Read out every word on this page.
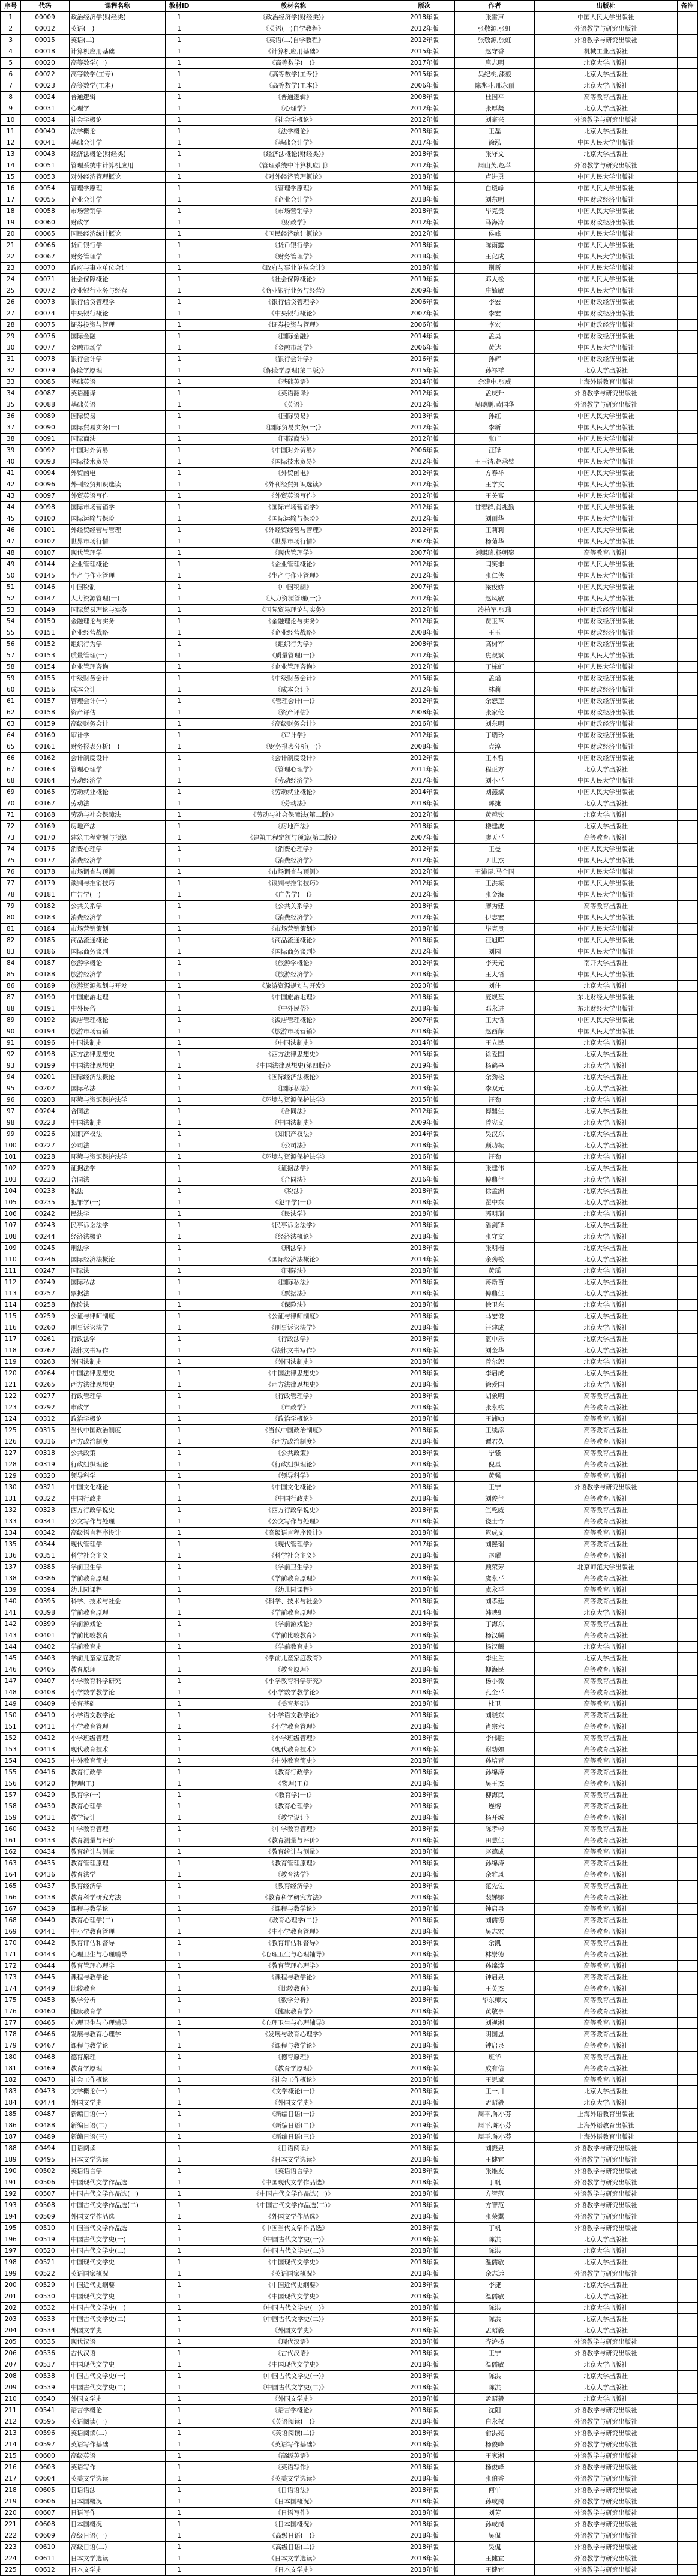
序号	代码	课程名称	教材ID	教材名称	版次	作者	出版社	备注
1	00009	政治经济学(财经类)	1	《政治经济学(财经类)》	2018年版	张雷声	中国人民大学出版社	
2	00012	英语(一)	1	《英语(一)自学教程》	2012年版	张敬源,张虹	外语教学与研究出版社	
3	00015	英语(二)	1	《英语(二)自学教程》	2012年版	张敬源,张虹	外语教学与研究出版社	
4	00018	计算机应用基础	1	《计算机应用基础》	2015年版	赵守香	机械工业出版社	
5	00020	高等数学(一)	1	《高等数学(一)》	2017年版	扈志明	北京大学出版社	
6	00022	高等数学(工专)	1	《高等数学(工专)》	2015年版	吴纪桃,漆毅	北京大学出版社	
7	00023	高等数学(工本)	1	《高等数学(工本)》	2006年版	陈兆斗,邢永丽	北京大学出版社	
8	00024	普通逻辑	1	《普通逻辑》	2008年版	杜国平	高等教育出版社	
9	00031	心理学	1	《心理学》	2012年版	张厚粲	北京大学出版社	
10	00034	社会学概论	1	《社会学概论》	2012年版	刘豪兴	外语教学与研究出版社	
11	00040	法学概论	1	《法学概论》	2018年版	王磊	北京大学出版社	
12	00041	基础会计学	1	《基础会计学》	2017年版	徐泓	中国人民大学出版社	
13	00043	经济法概论(财经类)	1	《经济法概论(财经类)》	2018年版	张守文	北京大学出版社	
14	00051	管理系统中计算机应用	1	《管理系统中计算机应用》	2012年版	周山芙,赵苹	外语教学与研究出版社	
15	00053	对外经济管理概论	1	《对外经济管理概论》	2018年版	卢进勇	中国人民大学出版社	
16	00054	管理学原理	1	《管理学原理》	2019年版	白瑷峥	中国人民大学出版社	
17	00055	企业会计学	1	《企业会计学》	2018年版	刘东明	中国财政经济出版社	
18	00058	市场营销学	1	《市场营销学》	2018年版	毕克贵	中国人民大学出版社	
19	00060	财政学	1	《财政学》	2012年版	马海涛	中国财政经济出版社	
20	00065	国民经济统计概论	1	《国民经济统计概论》	2012年版	侯峰	中国人民大学出版社	
21	00066	货币银行学	1	《货币银行学》	2018年版	陈雨露	中国人民大学出版社	
22	00067	财务管理学	1	《财务管理学》	2018年版	王化成	中国人民大学出版社	
23	00070	政府与事业单位会计	1	《政府与事业单位会计》	2018年版	荆新	中国人民大学出版社	
24	00071	社会保障概论	1	《社会保障概论》	2019年版	邓大松	中国人民大学出版社	
25	00072	商业银行业务与经营	1	《商业银行业务与经营》	2009年版	庄毓敏	中国人民大学出版社	
26	00073	银行信贷管理学	1	《银行信贷管理学》	2006年版	李宏	中国财政经济出版社	
27	00074	中央银行概论	1	《中央银行概论》	2007年版	李宏	中国财政经济出版社	
28	00075	证券投资与管理	1	《证券投资与管理》	2006年版	李宏	中国财政经济出版社	
29	00076	国际金融	1	《国际金融》	2014年版	孟昊	中国财政经济出版社	
30	00077	金融市场学	1	《金融市场学》	2006年版	黄达	中国人民大学出版社	
31	00078	银行会计学	1	《银行会计学》	2016年版	孙辉	中国财政经济出版社	
32	00079	保险学原理	1	《保险学原理(第二版)》	2015年版	孙祁祥	北京大学出版社	
33	00085	基础英语	1	《基础英语》	2014年版	余建中,张威	上海外语教育出版社	
34	00087	英语翻译	1	《英语翻译》	2012年版	孟庆升	外语教学与研究出版社	
35	00088	基础英语	1	《英语》	2012年版	吴曦鹏,黄国华	外语教学与研究出版社	
36	00089	国际贸易	1	《国际贸易》	2013年版	孙红	中国人民大学出版社	
37	00090	国际贸易实务(一)	1	《国际贸易实务(一)》	2012年版	李新	中国人民大学出版社	
38	00091	国际商法	1	《国际商法》	2012年版	张广	中国人民大学出版社	
39	00092	中国对外贸易	1	《中国对外贸易》	2006年版	汪锋	中国人民大学出版社	
40	00093	国际技术贸易	1	《国际技术贸易》	2012年版	王玉清,赵承璧	中国人民大学出版社	
41	00094	外贸函电	1	《外贸函电》	2012年版	方春祥	中国人民大学出版社	
42	00096	外刊经贸知识选读	1	《外刊经贸知识选读》	2012年版	王学文	中国人民大学出版社	
43	00097	外贸英语写作	1	《外贸英语写作》	2012年版	王关富	中国人民大学出版社	
44	00098	国际市场营销学	1	《国际市场营销学》	2012年版	甘碧群,肖兆勤	中国人民大学出版社	
45	00100	国际运输与保险	1	《国际运输与保险》	2012年版	刘丽华	中国人民大学出版社	
46	00101	外经贸经营与管理	1	《外经贸经营与管理》	2012年版	王莉莉	中国人民大学出版社	
47	00102	世界市场行情	1	《世界市场行情》	2007年版	杨菊华	中国人民大学出版社	
48	00107	现代管理学	1	《现代管理学》	2007年版	刘熙瑞,杨朝聚	高等教育出版社	
49	00144	企业管理概论	1	《企业管理概论》	2012年版	闫笑非	中国人民大学出版社	
50	00145	生产与作业管理	1	《生产与作业管理》	2012年版	张仁侠	中国人民大学出版社	
51	00146	中国税制	1	《中国税制》	2007年版	梁俊娇	中国人民大学出版社	
52	00147	人力资源管理(一)	1	《人力资源管理(一)》	2012年版	赵凤敏	中国人民大学出版社	
53	00149	国际贸易理论与实务	1	《国际贸易理论与实务》	2012年版	冷柏军,张玮	中国财政经济出版社	
54	00150	金融理论与实务	1	《金融理论与实务》	2012年版	贾玉革	中国财政经济出版社	
55	00151	企业经营战略	1	《企业经营战略》	2008年版	王玉	中国财政经济出版社	
56	00152	组织行为学	1	《组织行为学》	2008年版	高树军	中国财政经济出版社	
57	00153	质量管理(一)	1	《质量管理(一)》	2012年版	焦叔斌	中国人民大学出版社	
58	00154	企业管理咨询	1	《企业管理咨询》	2012年版	丁栋虹	中国人民大学出版社	
59	00155	中级财务会计	1	《中级财务会计》	2015年版	孟焰	中国财政经济出版社	
60	00156	成本会计	1	《成本会计》	2012年版	林莉	中国财政经济出版社	
61	00157	管理会计(一)	1	《管理会计(一)》	2012年版	余恕莲	中国财政经济出版社	
62	00158	资产评估	1	《资产评估》	2008年版	张家伦	中国财政经济出版社	
63	00159	高级财务会计	1	《高级财务会计》	2016年版	刘东明	中国财政经济出版社	
64	00160	审计学	1	《审计学》	2012年版	丁瑞玲	中国财政经济出版社	
65	00161	财务报表分析(一)	1	《财务报表分析(一)》	2008年版	袁淳	中国财政经济出版社	
66	00162	会计制度设计	1	《会计制度设计》	2012年版	王本哲	中国财政经济出版社	
67	00163	管理心理学	1	《管理心理学》	2011年版	程正方	北京大学出版社	
68	00164	劳动经济学	1	《劳动经济学》	2017年版	刘小平	中国人民大学出版社	
69	00165	劳动就业概论	1	《劳动就业概论》	2014年版	刘燕斌	中国人民大学出版社	
70	00167	劳动法	1	《劳动法》	2018年版	郭捷	北京大学出版社	
71	00168	劳动与社会保障法	1	《劳动与社会保障法(第二版)》	2012年版	黄越钦	北京大学出版社	
72	00169	房地产法	1	《房地产法》	2018年版	楼建波	北京大学出版社	
73	00170	建筑工程定额与预算	1	《建筑工程定额与预算(第二版)》	2007年版	廖天平	高等教育出版社	
74	00176	消费心理学	1	《消费心理学》	2012年版	王曼	中国人民大学出版社	
75	00177	消费经济学	1	《消费经济学》	2012年版	尹世杰	中国人民大学出版社	
76	00178	市场调查与预测	1	《市场调查与预测》	2012年版	王沛昆,马全国	中国人民大学出版社	
77	00179	谈判与推销技巧	1	《谈判与推销技巧》	2012年版	王洪耘	中国人民大学出版社	
78	00181	广告学(一)	1	《广告学(一)》	2012年版	张金海	中国人民大学出版社	
79	00182	公共关系学	1	《公共关系学》	2018年版	廖为建	高等教育出版社	
80	00183	消费经济学	1	《消费经济学》	2012年版	伊志宏	中国人民大学出版社	
81	00184	市场营销策划	1	《市场营销策划》	2018年版	毕克贵	中国人民大学出版社	
82	00185	商品流通概论	1	《商品流通概论》	2018年版	汪旭晖	中国人民大学出版社	
83	00186	国际商务谈判	1	《国际商务谈判》	2012年版	刘园	中国人民大学出版社	
84	00187	旅游学概论	1	《旅游学概论》	2012年版	李天元	南开大学出版社	
85	00188	旅游经济学	1	《旅游经济学》	2018年版	王大悟	中国人民大学出版社	
86	00189	旅游资源规划与开发	1	《旅游资源规划与开发》	2020年版	刘住	北京大学出版社	
87	00190	中国旅游地理	1	《中国旅游地理》	2018年版	庞规荃	东北财经大学出版社	
88	00191	中外民俗	1	《中外民俗》	2018年版	邓永进	东北财经大学出版社	
89	00192	饭店管理概论	1	《饭店管理概论》	2007年版	王大悟	中国人民大学出版社	
90	00194	旅游市场营销	1	《旅游市场营销》	2018年版	赵西萍	中国人民大学出版社	
91	00196	中国法制史	1	《中国法制史》	2014年版	王立民	北京大学出版社	
92	00198	西方法律思想史	1	《西方法律思想史》	2015年版	徐爱国	北京大学出版社	
93	00199	中国法律思想史	1	《中国法律思想史(第四版)》	2019年版	杨鹤皋	北京大学出版社	
94	00201	国际经济法概论	1	《国际经济法概论》	2015年版	余劲松	北京大学出版社	
95	00202	国际私法	1	《国际私法》	2013年版	李双元	北京大学出版社	
96	00203	环境与资源保护法学	1	《环境与资源保护法学》	2015年版	汪劲	北京大学出版社	
97	00204	合同法	1	《合同法》	2012年版	傅鼎生	北京大学出版社	
98	00223	中国法制史	1	《中国法制史》	2009年版	曾宪义	北京大学出版社	
99	00226	知识产权法	1	《知识产权法》	2014年版	吴汉东	北京大学出版社	
100	00227	公司法	1	《公司法》	2018年版	顾功耘	北京大学出版社	
101	00228	环境与资源保护法学	1	《环境与资源保护法学》	2016年版	汪劲	北京大学出版社	
102	00229	证据法学	1	《证据法学》	2018年版	张建伟	北京大学出版社	
103	00230	合同法	1	《合同法》	2016年版	傅鼎生	北京大学出版社	
104	00233	税法	1	《税法》	2018年版	徐孟洲	北京大学出版社	
105	00235	犯罪学(一)	1	《犯罪学(一)》	2018年版	翟中东	北京大学出版社	
106	00242	民法学	1	《民法学》	2018年版	郭明瑞	北京大学出版社	
107	00243	民事诉讼法学	1	《民事诉讼法学》	2018年版	潘剑锋	北京大学出版社	
108	00244	经济法概论	1	《经济法概论》	2018年版	张守文	北京大学出版社	
109	00245	刑法学	1	《刑法学》	2018年版	张明楷	北京大学出版社	
110	00246	国际经济法概论	1	《国际经济法概论》	2014年版	余劲松	北京大学出版社	
111	00247	国际法	1	《国际法》	2018年版	黄瑶	北京大学出版社	
112	00249	国际私法	1	《国际私法》	2018年版	蒋新苗	北京大学出版社	
113	00257	票据法	1	《票据法》	2018年版	傅鼎生	北京大学出版社	
114	00258	保险法	1	《保险法》	2018年版	徐卫东	北京大学出版社	
115	00259	公证与律师制度	1	《公证与律师制度》	2018年版	马宏俊	北京大学出版社	
116	00260	刑事诉讼法学	1	《刑事诉讼法学》	2018年版	汪建成	北京大学出版社	
117	00261	行政法学	1	《行政法学》	2018年版	湛中乐	北京大学出版社	
118	00262	法律文书写作	1	《法律文书写作》	2018年版	刘金华	北京大学出版社	
119	00263	外国法制史	1	《外国法制史》	2018年版	曾尔恕	北京大学出版社	
120	00264	中国法律思想史	1	《中国法律思想史》	2018年版	李启成	北京大学出版社	
121	00265	西方法律思想史	1	《西方法律思想史》	2018年版	徐爱国	北京大学出版社	
122	00277	行政管理学	1	《行政管理学》	2018年版	胡象明	高等教育出版社	
123	00292	市政学	1	《市政学》	2018年版	张永桃	高等教育出版社	
124	00312	政治学概论	1	《政治学概论》	2018年版	王浦劬	高等教育出版社	
125	00315	当代中国政治制度	1	《当代中国政治制度》	2018年版	王续添	高等教育出版社	
126	00316	西方政治制度	1	《西方政治制度》	2018年版	谭君久	高等教育出版社	
127	00318	公共政策	1	《公共政策》	2018年版	宁骚	高等教育出版社	
128	00319	行政组织理论	1	《行政组织理论》	2018年版	倪星	高等教育出版社	
129	00320	领导科学	1	《领导科学》	2018年版	黄强	高等教育出版社	
130	00321	中国文化概论	1	《中国文化概论》	2018年版	王宁	外语教学与研究出版社	
131	00322	中国行政史	1	《中国行政史》	2018年版	刘俊生	高等教育出版社	
132	00323	西方行政学说史	1	《西方行政学说史》	2018年版	竺乾威	高等教育出版社	
133	00341	公文写作与处理	1	《公文写作与处理》	2018年版	饶士奇	高等教育出版社	
134	00342	高级语言程序设计	1	《高级语言程序设计》	2018年版	迟成文	高等教育出版社	
135	00344	现代管理学	1	《现代管理学》	2017年版	刘熙瑞	高等教育出版社	
136	00351	科学社会主义	1	《科学社会主义》	2018年版	赵曜	高等教育出版社	
137	00385	学前卫生学	1	《学前卫生学》	2018年版	顾荣芳	北京师范大学出版社	
138	00386	学前教育原理	1	《学前教育原理》	2018年版	虞永平	高等教育出版社	
139	00394	幼儿园课程	1	《幼儿园课程》	2018年版	虞永平	高等教育出版社	
140	00395	科学、技术与社会	1	《科学、技术与社会》	2018年版	刘孝廷	高等教育出版社	
141	00398	学前教育原理	1	《学前教育原理》	2014年版	韩映虹	北京大学出版社	
142	00399	学前游戏论	1	《学前游戏论》	2018年版	丁海东	高等教育出版社	
143	00401	学前比较教育	1	《学前比较教育》	2018年版	杨汉麟	高等教育出版社	
144	00402	学前教育史	1	《学前教育史》	2018年版	杨汉麟	北京大学出版社	
145	00403	学前儿童家庭教育	1	《学前儿童家庭教育》	2018年版	李生兰	北京大学出版社	
146	00405	教育原理	1	《教育原理》	2018年版	柳海民	高等教育出版社	
147	00407	小学教育科学研究	1	《小学教育科学研究》	2018年版	杨小微	高等教育出版社	
148	00408	小学数学教学论	1	《小学数学教学论》	2018年版	孔企平	高等教育出版社	
149	00409	美育基础	1	《美育基础》	2018年版	杜卫	高等教育出版社	
150	00410	小学语文教学论	1	《小学语文教学论》	2018年版	刘晓东	高等教育出版社	
151	00411	小学教育管理	1	《小学教育管理》	2018年版	肖宗六	高等教育出版社	
152	00412	小学班级管理	1	《小学班级管理》	2018年版	李伟胜	高等教育出版社	
153	00413	现代教育技术	1	《现代教育技术》	2018年版	谢幼如	高等教育出版社	
154	00415	中外教育简史	1	《中外教育简史》	2018年版	孙培青	高等教育出版社	
155	00416	教育行政学	1	《教育行政学》	2018年版	孙绵涛	高等教育出版社	
156	00420	物理(工)	1	《物理(工)》	2018年版	吴王杰	高等教育出版社	
157	00429	教育学(一)	1	《教育学(一)》	2018年版	柳海民	高等教育出版社	
158	00430	教育心理学	1	《教育心理学》	2018年版	连榕	高等教育出版社	
159	00431	教学设计	1	《教学设计》	2018年版	杨开城	高等教育出版社	
160	00432	中学教育管理	1	《中学教育管理》	2018年版	陈孝彬	高等教育出版社	
161	00433	教育测量与评价	1	《教育测量与评价》	2018年版	田慧生	高等教育出版社	
162	00434	教育统计与测量	1	《教育统计与测量》	2018年版	赵德成	高等教育出版社	
163	00435	教育管理原理	1	《教育管理原理》	2018年版	孙绵涛	高等教育出版社	
164	00436	教育法学	1	《教育法学》	2018年版	余雅风	高等教育出版社	
165	00437	教育经济学	1	《教育经济学》	2018年版	范先佐	高等教育出版社	
166	00438	教育科学研究方法	1	《教育科学研究方法》	2018年版	裴娣娜	高等教育出版社	
167	00439	课程与教学论	1	《课程与教学论》	2018年版	钟启泉	高等教育出版社	
168	00440	教育心理学(二)	1	《教育心理学(二)》	2018年版	刘儒德	高等教育出版社	
169	00441	中小学教育管理	1	《中小学教育管理》	2018年版	吴志宏	高等教育出版社	
170	00442	教育评估和督导	1	《教育评估和督导》	2018年版	余凯	高等教育出版社	
171	00443	心理卫生与心理辅导	1	《心理卫生与心理辅导》	2018年版	林崇德	高等教育出版社	
172	00444	教育管理心理学	1	《教育管理心理学》	2018年版	孙绵涛	高等教育出版社	
173	00445	课程与教学论	1	《课程与教学论》	2018年版	钟启泉	高等教育出版社	
174	00449	比较教育	1	《比较教育》	2018年版	王英杰	高等教育出版社	
175	00453	数学分析	1	《数学分析》	2018年版	华东师大	高等教育出版社	
176	00460	健康教育学	1	《健康教育学》	2018年版	黄敬亨	高等教育出版社	
177	00465	心理卫生与心理辅导	1	《心理卫生与心理辅导》	2018年版	刘视湘	高等教育出版社	
178	00466	发展与教育心理学	1	《发展与教育心理学》	2018年版	阴国恩	高等教育出版社	
179	00467	课程与教学论	1	《课程与教学论》	2018年版	钟启泉	高等教育出版社	
180	00468	德育原理	1	《德育原理》	2018年版	班华	高等教育出版社	
181	00469	教育学原理	1	《教育学原理》	2018年版	成有信	高等教育出版社	
182	00470	社会工作概论	1	《社会工作概论》	2018年版	王思斌	高等教育出版社	
183	00473	文学概论(一)	1	《文学概论(一)》	2018年版	王一川	北京大学出版社	
184	00474	外国文学史	1	《外国文学史》	2018年版	孟昭毅	北京大学出版社	
185	00487	新编日语(一)	1	《新编日语(一)》	2019年版	周平,陈小芬	上海外语教育出版社	
186	00488	新编日语(二)	1	《新编日语(二)》	2019年版	周平,陈小芬	上海外语教育出版社	
187	00489	新编日语(三)	1	《新编日语(三)》	2019年版	周平,陈小芬	上海外语教育出版社	
188	00494	日语阅读	1	《日语阅读》	2018年版	刘振泉	外语教学与研究出版社	
189	00495	日本文学选读	1	《日本文学选读》	2018年版	王健宜	外语教学与研究出版社	
190	00502	英语语言学	1	《英语语言学》	2018年版	张维友	外语教学与研究出版社	
191	00506	中国现代文学作品选	1	《中国现代文学作品选》	2018年版	丁帆	外语教学与研究出版社	
192	00507	中国古代文学作品选(一)	1	《中国古代文学作品选(一)》	2018年版	方智范	外语教学与研究出版社	
193	00508	中国古代文学作品选(二)	1	《中国古代文学作品选(二)》	2018年版	方智范	外语教学与研究出版社	
194	00509	外国文学作品选	1	《外国文学作品选》	2018年版	张荣翼	外语教学与研究出版社	
195	00510	中国当代文学作品选	1	《中国当代文学作品选》	2018年版	丁帆	外语教学与研究出版社	
196	00519	中国古代文学史(一)	1	《中国古代文学史(一)》	2018年版	陈洪	北京大学出版社	
197	00520	中国古代文学史(二)	1	《中国古代文学史(二)》	2018年版	陈洪	北京大学出版社	
198	00521	中国现代文学史	1	《中国现代文学史》	2018年版	温儒敏	北京大学出版社	
199	00522	英语国家概况	1	《英语国家概况》	2018年版	余志远	外语教学与研究出版社	
200	00529	中国近代史纲要	1	《中国近代史纲要》	2018年版	李捷	北京大学出版社	
201	00530	中国现代文学史	1	《中国现代文学史》	2018年版	温儒敏	北京大学出版社	
202	00532	中国古代文学史(一)	1	《中国古代文学史(一)》	2018年版	陈洪	北京大学出版社	
203	00533	中国古代文学史(二)	1	《中国古代文学史(二)》	2018年版	陈洪	北京大学出版社	
204	00534	外国文学史	1	《外国文学史》	2018年版	孟昭毅	北京大学出版社	
205	00535	现代汉语	1	《现代汉语》	2018年版	齐沪扬	外语教学与研究出版社	
206	00536	古代汉语	1	《古代汉语》	2018年版	王宁	外语教学与研究出版社	
207	00537	中国现代文学史	1	《中国现代文学史》	2018年版	温儒敏	北京大学出版社	
208	00538	中国古代文学史(一)	1	《中国古代文学史(一)》	2018年版	陈洪	北京大学出版社	
209	00539	中国古代文学史(二)	1	《中国古代文学史(二)》	2018年版	陈洪	北京大学出版社	
210	00540	外国文学史	1	《外国文学史》	2018年版	孟昭毅	北京大学出版社	
211	00541	语言学概论	1	《语言学概论》	2018年版	沈阳	外语教学与研究出版社	
212	00595	英语阅读(一)	1	《英语阅读(一)》	2018年版	白永权	外语教学与研究出版社	
213	00596	英语阅读(二)	1	《英语阅读(二)》	2018年版	俞洪亮	外语教学与研究出版社	
214	00597	英语写作基础	1	《英语写作基础》	2018年版	杨俊峰	外语教学与研究出版社	
215	00600	高级英语	1	《高级英语》	2018年版	王家湘	外语教学与研究出版社	
216	00603	英语写作	1	《英语写作》	2018年版	杨俊峰	外语教学与研究出版社	
217	00604	英美文学选读	1	《英美文学选读》	2018年版	张伯香	外语教学与研究出版社	
218	00605	日语语法	1	《日语语法》	2018年版	何午	外语教学与研究出版社	
219	00606	日本国概况	1	《日本国概况》	2018年版	孙成岗	外语教学与研究出版社	
220	00607	日语写作	1	《日语写作》	2018年版	刘芳	外语教学与研究出版社	
221	00608	日本国概况	1	《日本国概况》	2018年版	孙成岗	外语教学与研究出版社	
222	00609	高级日语(一)	1	《高级日语(一)》	2018年版	吴侃	外语教学与研究出版社	
223	00610	高级日语(二)	1	《高级日语(二)》	2018年版	吴侃	外语教学与研究出版社	
224	00611	日本文学选读	1	《日本文学选读》	2018年版	王健宜	外语教学与研究出版社	
225	00612	日本文学史	1	《日本文学史》	2018年版	王健宜	外语教学与研究出版社	
